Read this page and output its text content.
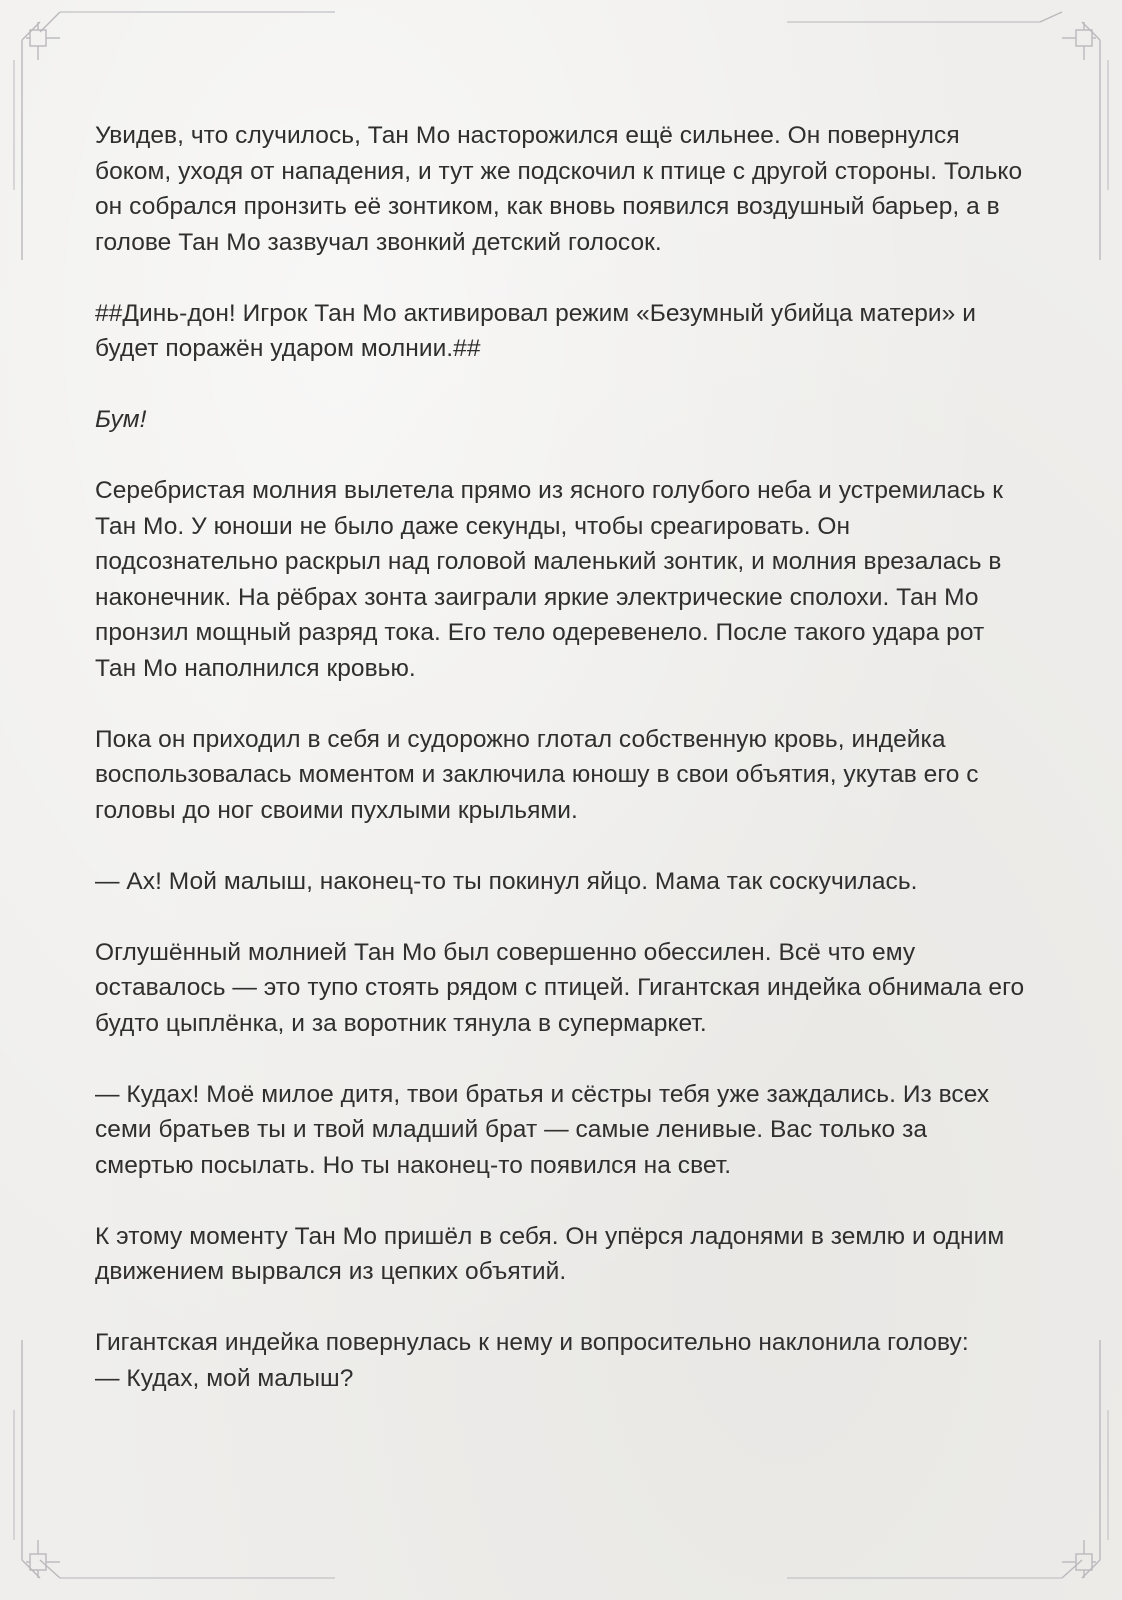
Увидев, что случилось, Тан Мо насторожился ещё сильнее. Он повернулся боком, уходя от нападения, и тут же подскочил к птице с другой стороны. Только он собрался пронзить её зонтиком, как вновь появился воздушный барьер, а в голове Тан Мо зазвучал звонкий детский голосок.

##Динь-дон! Игрок Тан Мо активировал режим «Безумный убийца матери» и будет поражён ударом молнии.##

Бум!

Серебристая молния вылетела прямо из ясного голубого неба и устремилась к Тан Мо. У юноши не было даже секунды, чтобы среагировать. Он подсознательно раскрыл над головой маленький зонтик, и молния врезалась в наконечник. На рёбрах зонта заиграли яркие электрические сполохи. Тан Мо пронзил мощный разряд тока. Его тело одеревенело. После такого удара рот Тан Мо наполнился кровью.

Пока он приходил в себя и судорожно глотал собственную кровь, индейка воспользовалась моментом и заключила юношу в свои объятия, укутав его с головы до ног своими пухлыми крыльями.

— Ах! Мой малыш, наконец-то ты покинул яйцо. Мама так соскучилась.

Оглушённый молнией Тан Мо был совершенно обессилен. Всё что ему оставалось — это тупо стоять рядом с птицей. Гигантская индейка обнимала его будто цыплёнка, и за воротник тянула в супермаркет.

— Кудах! Моё милое дитя, твои братья и сёстры тебя уже заждались. Из всех семи братьев ты и твой младший брат — самые ленивые. Вас только за смертью посылать. Но ты наконец-то появился на свет.

К этому моменту Тан Мо пришёл в себя. Он упёрся ладонями в землю и одним движением вырвался из цепких объятий.

Гигантская индейка повернулась к нему и вопросительно наклонила голову:
— Кудах, мой малыш?
